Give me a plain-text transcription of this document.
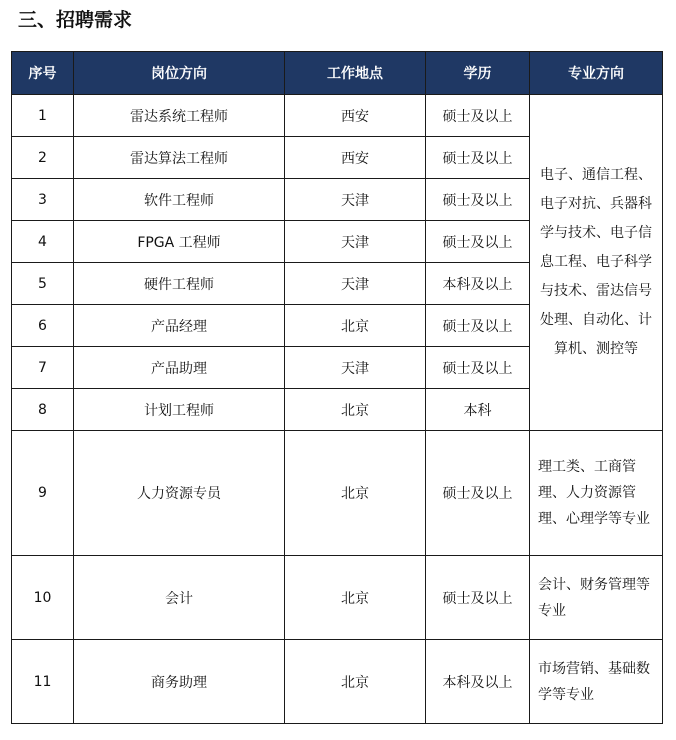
三、招聘需求
序号	岗位方向	工作地点	学历	专业方向
1	雷达系统工程师	西安	硕士及以上	电子、通信工程、电子对抗、兵器科学与技术、电子信息工程、电子科学与技术、雷达信号处理、自动化、计算机、测控等
2	雷达算法工程师	西安	硕士及以上	
3	软件工程师	天津	硕士及以上	
4	FPGA 工程师	天津	硕士及以上	
5	硬件工程师	天津	本科及以上	
6	产品经理	北京	硕士及以上	
7	产品助理	天津	硕士及以上	
8	计划工程师	北京	本科	
9	人力资源专员	北京	硕士及以上	理工类、工商管理、人力资源管理、心理学等专业
10	会计	北京	硕士及以上	会计、财务管理等专业
11	商务助理	北京	本科及以上	市场营销、基础数学等专业
